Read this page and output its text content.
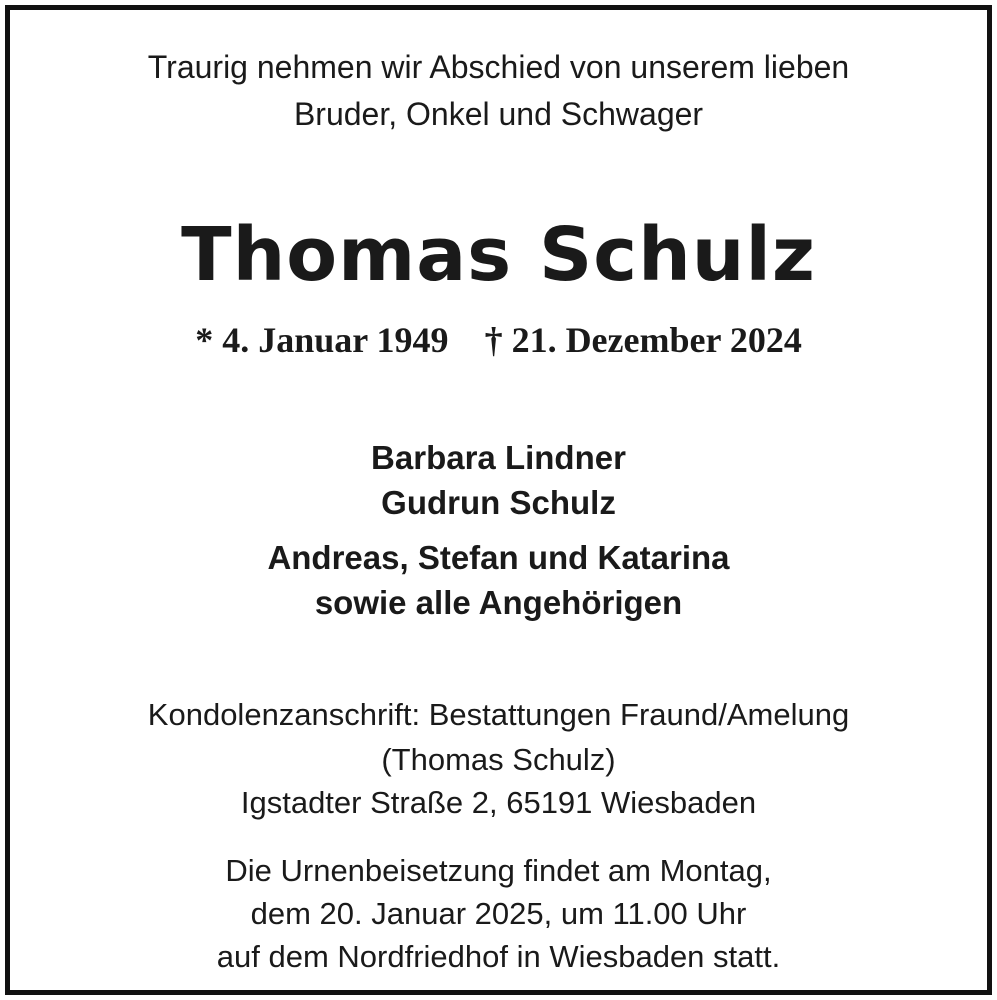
Traurig nehmen wir Abschied von unserem lieben
Bruder, Onkel und Schwager
Thomas Schulz
* 4. Januar 1949 † 21. Dezember 2024
Barbara Lindner
Gudrun Schulz
Andreas, Stefan und Katarina
sowie alle Angehörigen
Kondolenzanschrift: Bestattungen Fraund/Amelung
(Thomas Schulz)
Igstadter Straße 2, 65191 Wiesbaden
Die Urnenbeisetzung findet am Montag,
dem 20. Januar 2025, um 11.00 Uhr
auf dem Nordfriedhof in Wiesbaden statt.
